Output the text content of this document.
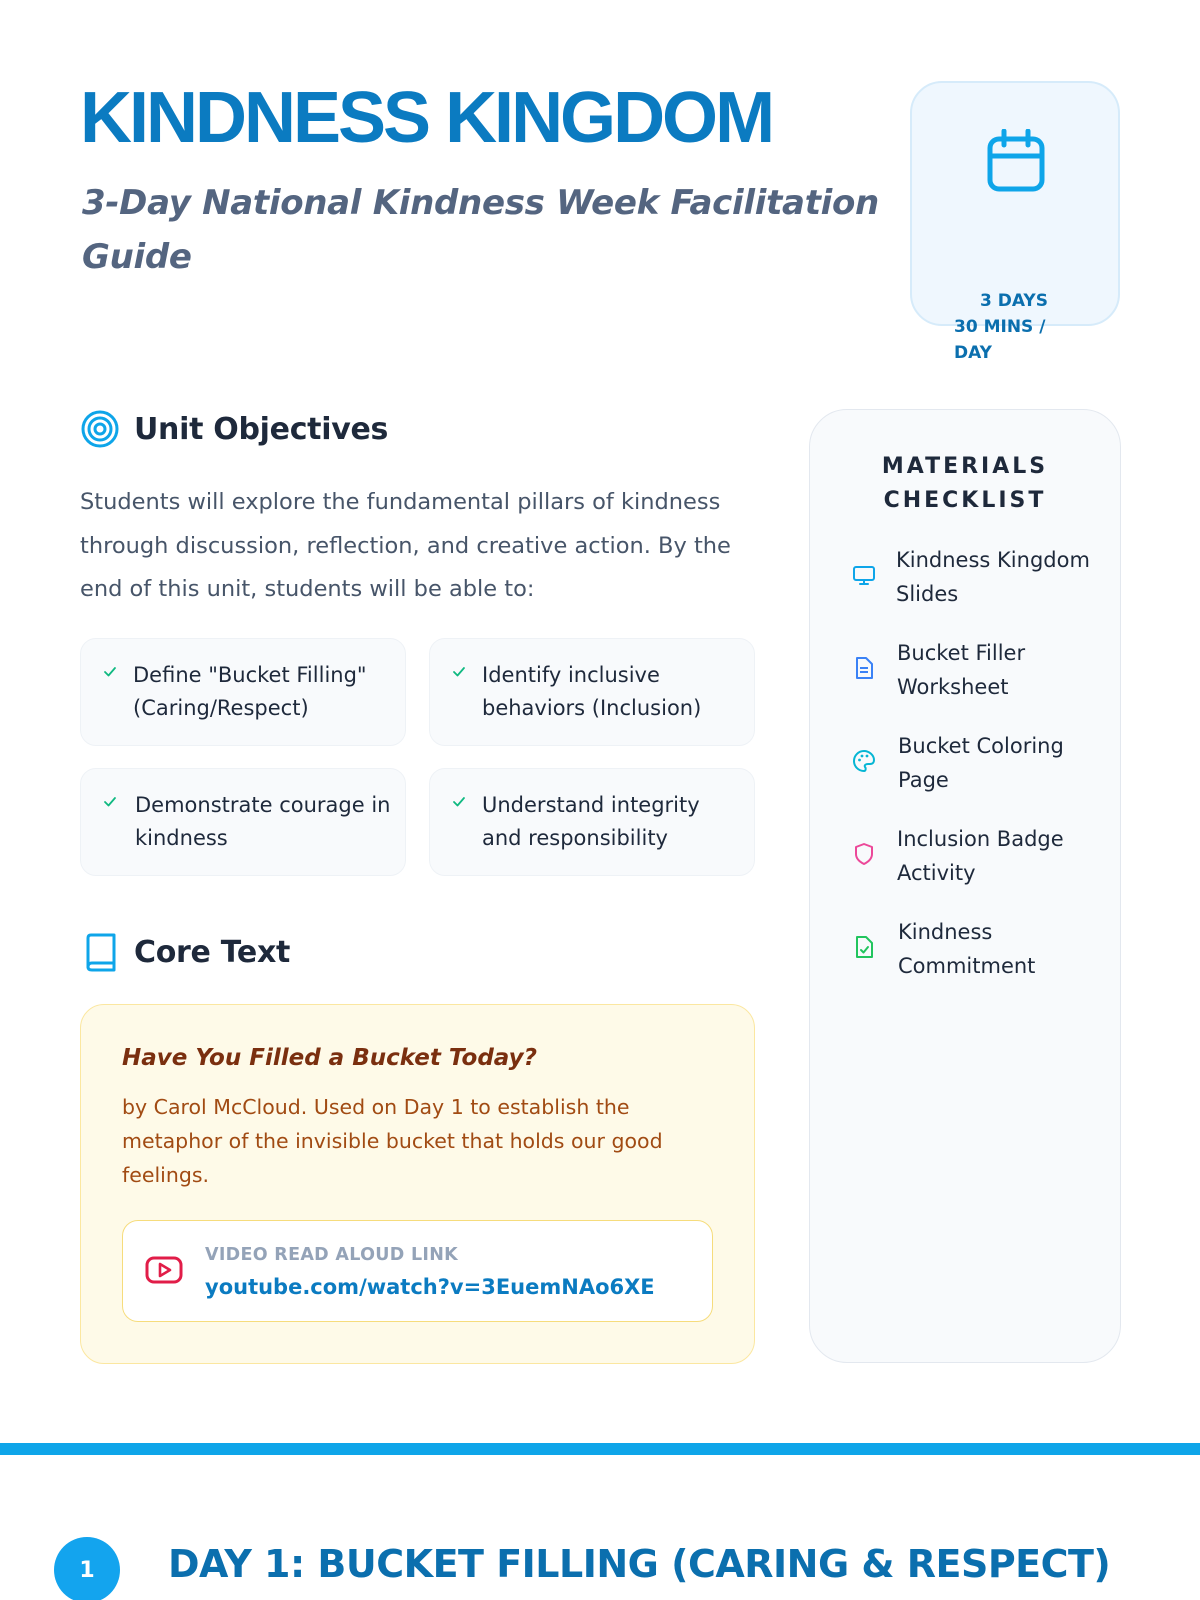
KINDNESS KINGDOM
3-Day National Kindness Week Facilitation Guide
3 DAYS
30 MINS /
DAY
Unit Objectives
Students will explore the fundamental pillars of kindness through discussion, reflection, and creative action. By the end of this unit, students will be able to:
Define "Bucket Filling" (Caring/Respect)
Identify inclusive behaviors (Inclusion)
Demonstrate courage in kindness
Understand integrity and responsibility
Core Text
Have You Filled a Bucket Today?
by Carol McCloud. Used on Day 1 to establish the metaphor of the invisible bucket that holds our good feelings.
VIDEO READ ALOUD LINK
youtube.com/watch?v=3EuemNAo6XE
MATERIALS CHECKLIST
Kindness Kingdom Slides
Bucket Filler Worksheet
Bucket Coloring Page
Inclusion Badge Activity
Kindness Commitment
1	DAY 1: BUCKET FILLING (CARING & RESPECT)
